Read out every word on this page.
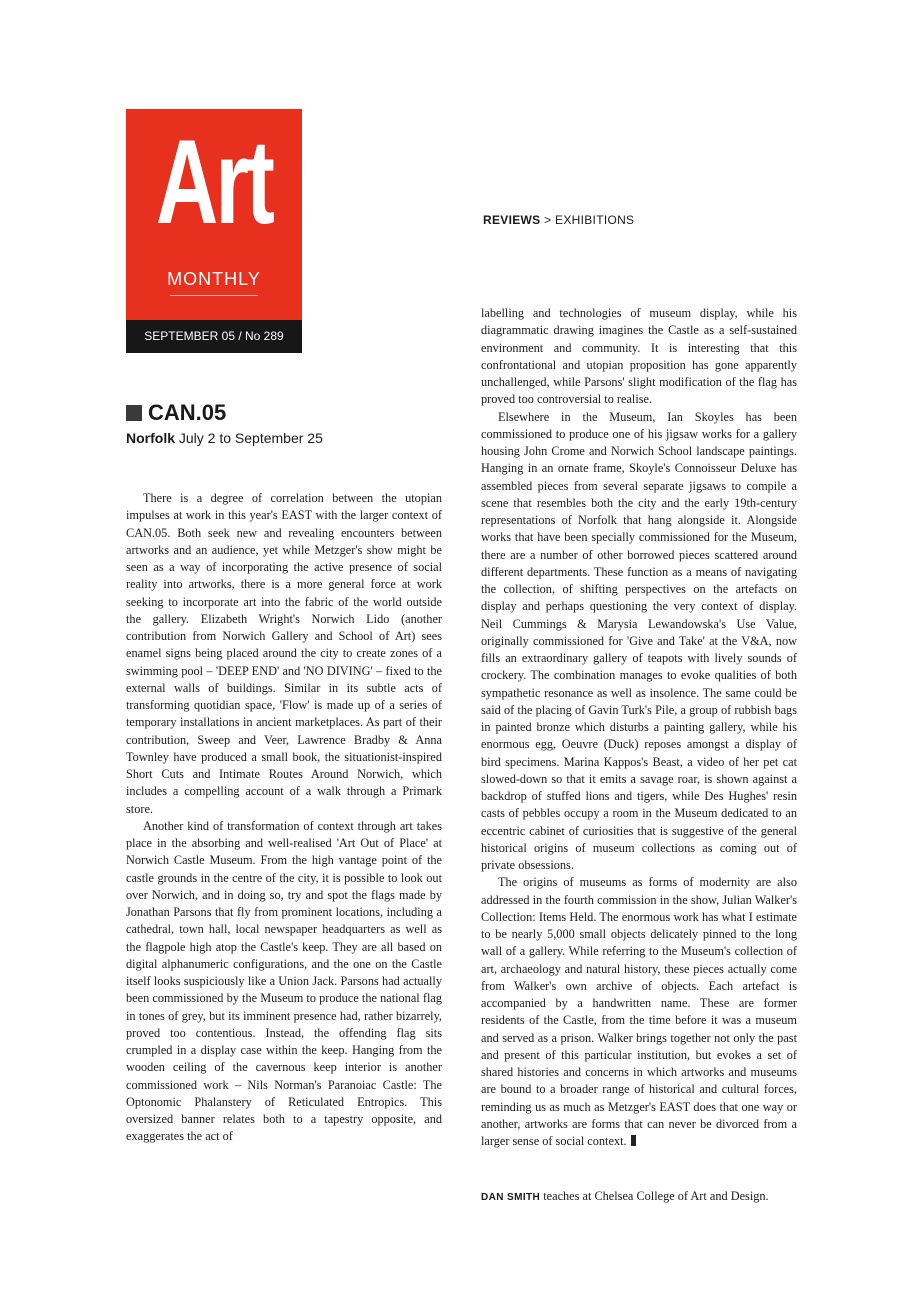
Art
MONTHLY
SEPTEMBER 05 / No 289
REVIEWS > EXHIBITIONS
CAN.05
Norfolk July 2 to September 25

There is a degree of correlation between the utopian impulses at work in this year's EAST with the larger context of CAN.05. Both seek new and revealing encounters between artworks and an audience, yet while Metzger's show might be seen as a way of incorporating the active presence of social reality into artworks, there is a more general force at work seeking to incorporate art into the fabric of the world outside the gallery. Elizabeth Wright's Norwich Lido (another contribution from Norwich Gallery and School of Art) sees enamel signs being placed around the city to create zones of a swimming pool – 'DEEP END' and 'NO DIVING' – fixed to the external walls of buildings. Similar in its subtle acts of transforming quotidian space, 'Flow' is made up of a series of temporary installations in ancient marketplaces. As part of their contribution, Sweep and Veer, Lawrence Bradby & Anna Townley have produced a small book, the situationist-inspired Short Cuts and Intimate Routes Around Norwich, which includes a compelling account of a walk through a Primark store.

Another kind of transformation of context through art takes place in the absorbing and well-realised 'Art Out of Place' at Norwich Castle Museum. From the high vantage point of the castle grounds in the centre of the city, it is possible to look out over Norwich, and in doing so, try and spot the flags made by Jonathan Parsons that fly from prominent locations, including a cathedral, town hall, local newspaper headquarters as well as the flagpole high atop the Castle's keep. They are all based on digital alphanumeric configurations, and the one on the Castle itself looks suspiciously like a Union Jack. Parsons had actually been commissioned by the Museum to produce the national flag in tones of grey, but its imminent presence had, rather bizarrely, proved too contentious. Instead, the offending flag sits crumpled in a display case within the keep. Hanging from the wooden ceiling of the cavernous keep interior is another commissioned work – Nils Norman's Paranoiac Castle: The Optonomic Phalanstery of Reticulated Entropics. This oversized banner relates both to a tapestry opposite, and exaggerates the act of

labelling and technologies of museum display, while his diagrammatic drawing imagines the Castle as a self-sustained environment and community. It is interesting that this confrontational and utopian proposition has gone apparently unchallenged, while Parsons' slight modification of the flag has proved too controversial to realise.

Elsewhere in the Museum, Ian Skoyles has been commissioned to produce one of his jigsaw works for a gallery housing John Crome and Norwich School landscape paintings. Hanging in an ornate frame, Skoyle's Connoisseur Deluxe has assembled pieces from several separate jigsaws to compile a scene that resembles both the city and the early 19th-century representations of Norfolk that hang alongside it. Alongside works that have been specially commissioned for the Museum, there are a number of other borrowed pieces scattered around different departments. These function as a means of navigating the collection, of shifting perspectives on the artefacts on display and perhaps questioning the very context of display. Neil Cummings & Marysia Lewandowska's Use Value, originally commissioned for 'Give and Take' at the V&A, now fills an extraordinary gallery of teapots with lively sounds of crockery. The combination manages to evoke qualities of both sympathetic resonance as well as insolence. The same could be said of the placing of Gavin Turk's Pile, a group of rubbish bags in painted bronze which disturbs a painting gallery, while his enormous egg, Oeuvre (Duck) reposes amongst a display of bird specimens. Marina Kappos's Beast, a video of her pet cat slowed-down so that it emits a savage roar, is shown against a backdrop of stuffed lions and tigers, while Des Hughes' resin casts of pebbles occupy a room in the Museum dedicated to an eccentric cabinet of curiosities that is suggestive of the general historical origins of museum collections as coming out of private obsessions.

The origins of museums as forms of modernity are also addressed in the fourth commission in the show, Julian Walker's Collection: Items Held. The enormous work has what I estimate to be nearly 5,000 small objects delicately pinned to the long wall of a gallery. While referring to the Museum's collection of art, archaeology and natural history, these pieces actually come from Walker's own archive of objects. Each artefact is accompanied by a handwritten name. These are former residents of the Castle, from the time before it was a museum and served as a prison. Walker brings together not only the past and present of this particular institution, but evokes a set of shared histories and concerns in which artworks and museums are bound to a broader range of historical and cultural forces, reminding us as much as Metzger's EAST does that one way or another, artworks are forms that can never be divorced from a larger sense of social context.

DAN SMITH teaches at Chelsea College of Art and Design.
